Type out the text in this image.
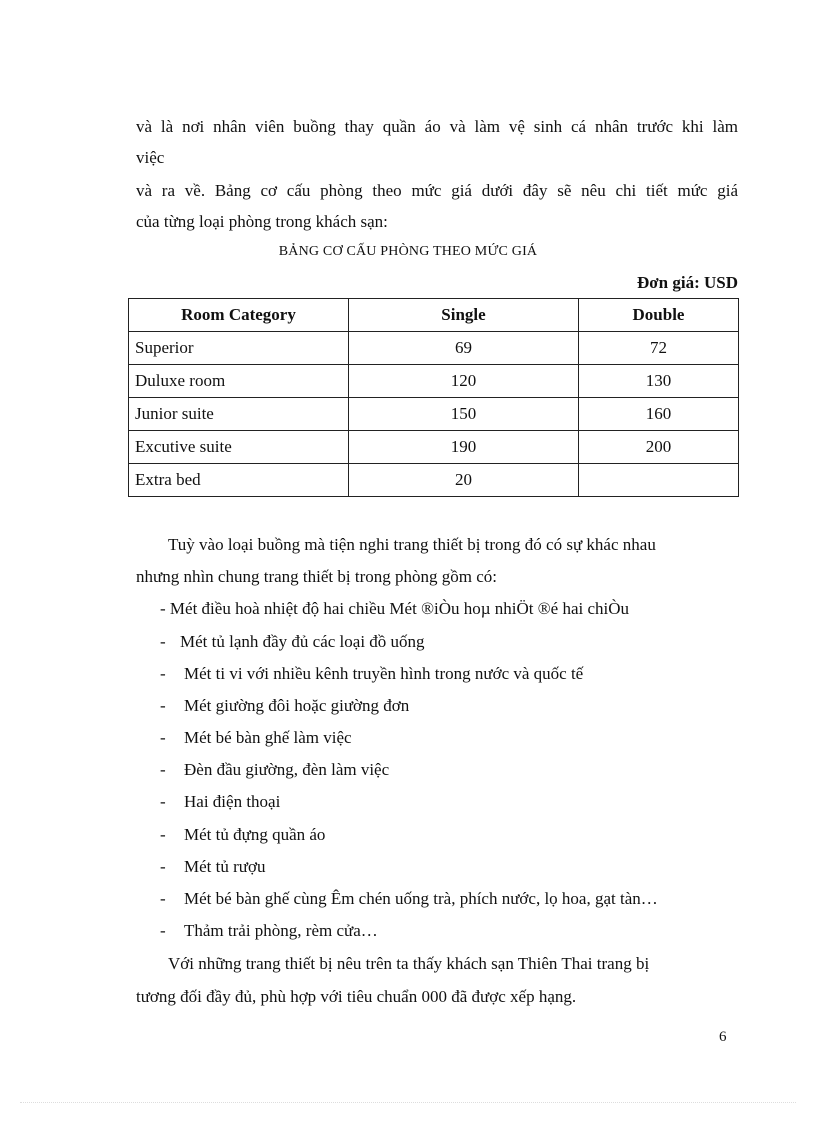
và là nơi nhân viên buồng thay quần áo và làm vệ sinh cá nhân trước khi làm
việc
và ra về. Bảng cơ cấu phòng theo mức giá dưới đây sẽ nêu chi tiết mức giá
của từng loại phòng trong khách sạn:
BẢNG CƠ CẤU PHÒNG THEO MỨC GIÁ
Đơn giá: USD
Room Category	Single	Double
Superior	69	72
Duluxe room	120	130
Junior suite	150	160
Excutive suite	190	200
Extra bed	20	
Tuỳ vào loại buồng mà tiện nghi trang thiết bị trong đó có sự khác nhau
nhưng nhìn chung trang thiết bị trong phòng gồm có:
- Mét điều hoà nhiệt độ hai chiều Mét ®iÒu hoµ nhiÖt ®é hai chiÒu
- Mét tủ lạnh đầy đủ các loại đồ uống
- Mét ti vi với nhiều kênh truyền hình trong nước và quốc tế
- Mét giường đôi hoặc giường đơn
- Mét bé bàn ghế làm việc
- Đèn đầu giường, đèn làm việc
- Hai điện thoại
- Mét tủ đựng quần áo
- Mét tủ rượu
- Mét bé bàn ghế cùng Êm chén uống trà, phích nước, lọ hoa, gạt tàn…
- Thảm trải phòng, rèm cửa…
Với những trang thiết bị nêu trên ta thấy khách sạn Thiên Thai trang bị
tương đối đầy đủ, phù hợp với tiêu chuẩn 000 đã được xếp hạng.
6
